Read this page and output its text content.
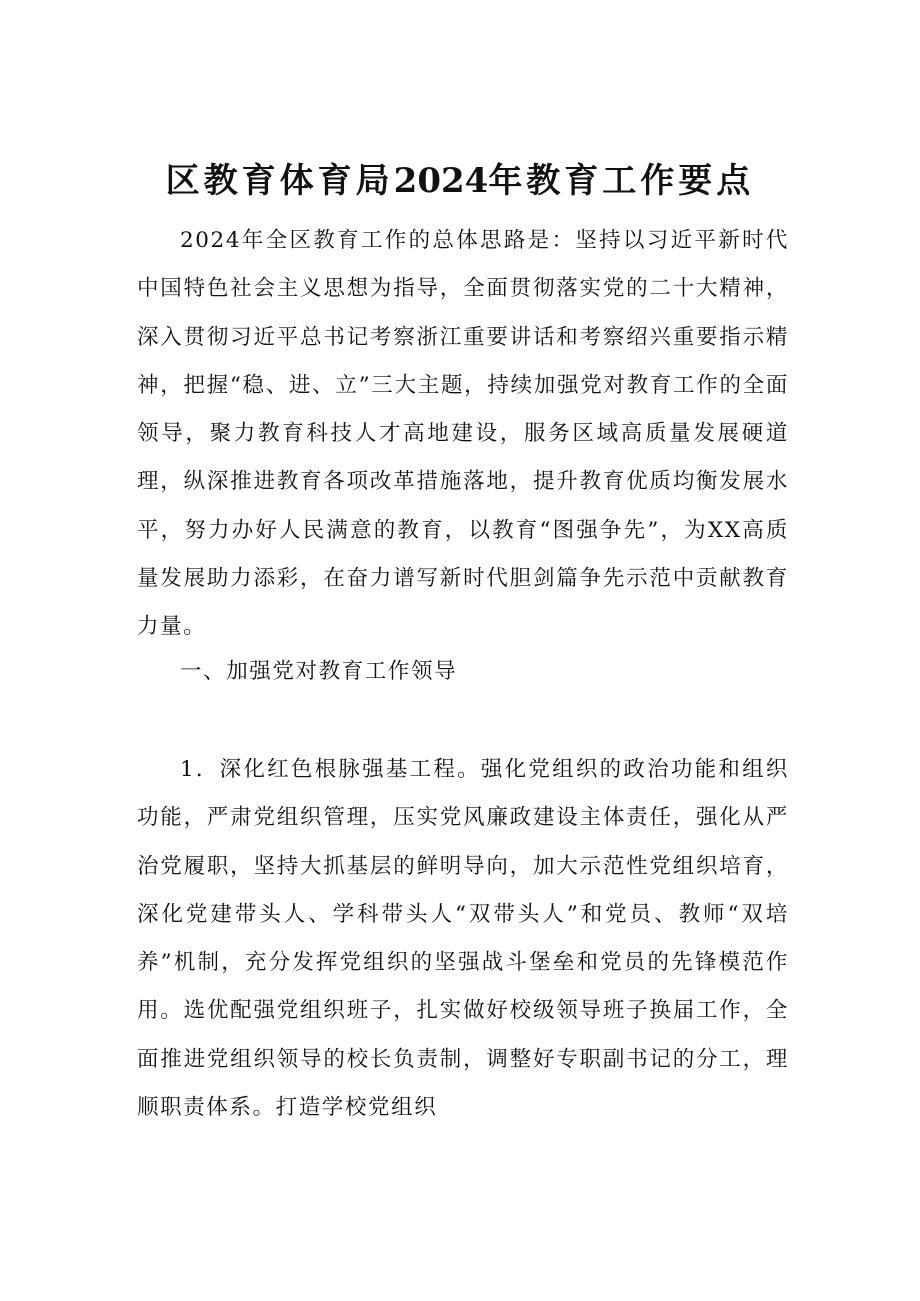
区教育体育局2024年教育工作要点

2024年全区教育工作的总体思路是：坚持以习近平新时代中国特色社会主义思想为指导，全面贯彻落实党的二十大精神，深入贯彻习近平总书记考察浙江重要讲话和考察绍兴重要指示精神，把握“稳、进、立”三大主题，持续加强党对教育工作的全面领导，聚力教育科技人才高地建设，服务区域高质量发展硬道理，纵深推进教育各项改革措施落地，提升教育优质均衡发展水平，努力办好人民满意的教育，以教育“图强争先”，为XX高质量发展助力添彩，在奋力谱写新时代胆剑篇争先示范中贡献教育力量。

一、加强党对教育工作领导

1．深化红色根脉强基工程。强化党组织的政治功能和组织功能，严肃党组织管理，压实党风廉政建设主体责任，强化从严治党履职，坚持大抓基层的鲜明导向，加大示范性党组织培育，深化党建带头人、学科带头人“双带头人”和党员、教师“双培养”机制，充分发挥党组织的坚强战斗堡垒和党员的先锋模范作用。选优配强党组织班子，扎实做好校级领导班子换届工作，全面推进党组织领导的校长负责制，调整好专职副书记的分工，理顺职责体系。打造学校党组织
